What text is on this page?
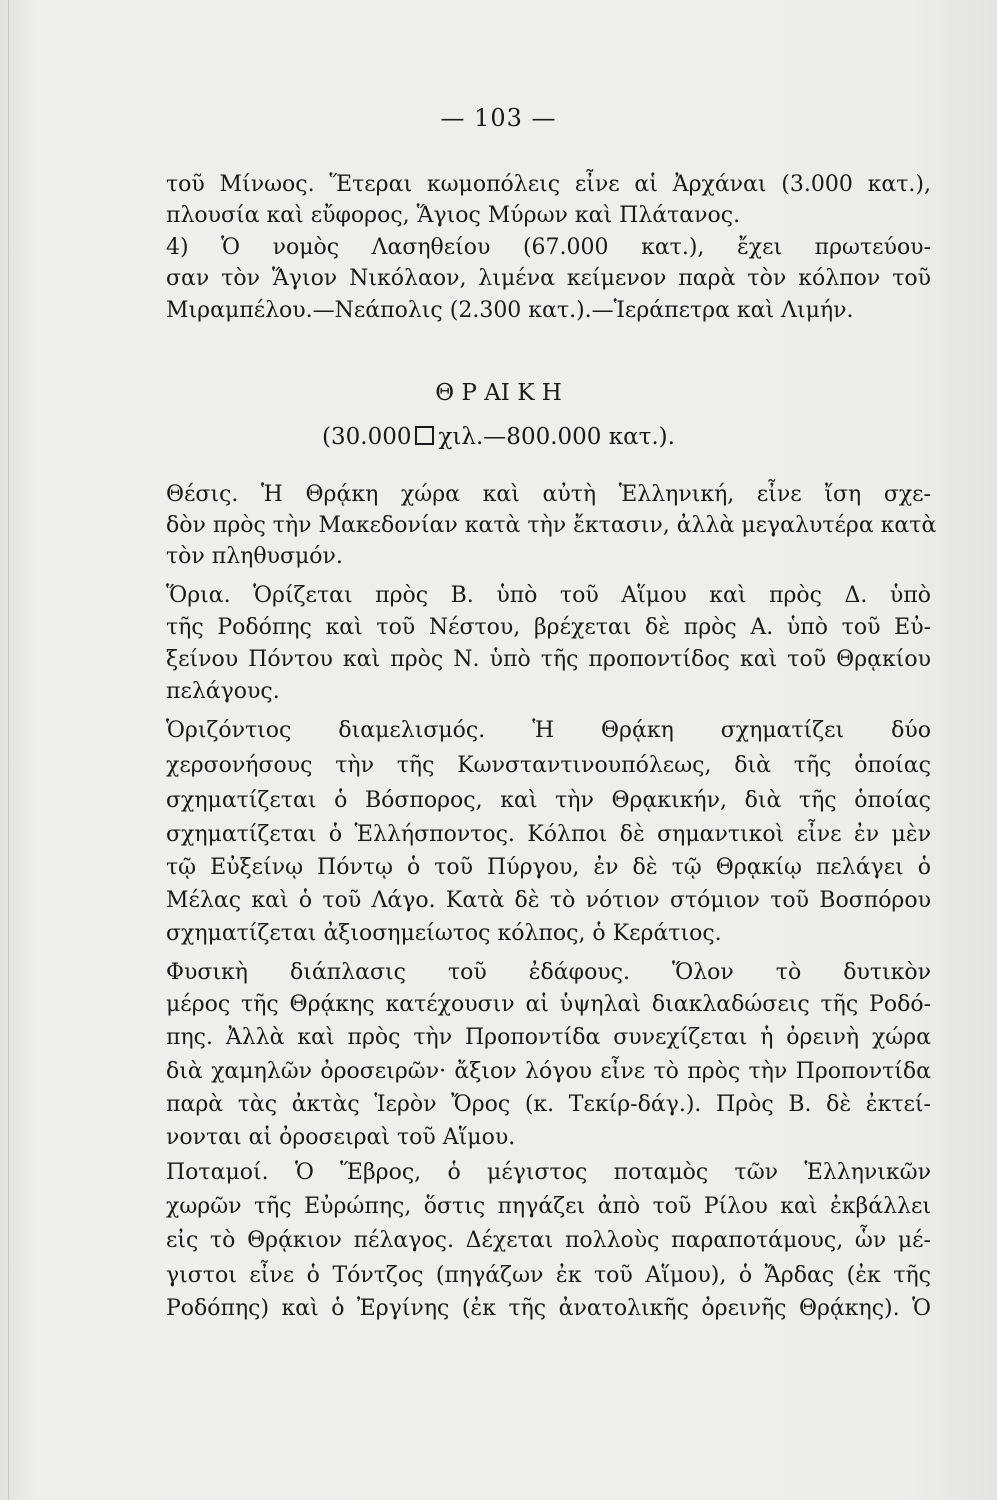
— 103 —
τοῦ Μίνωος. Ἕτεραι κωμοπόλεις εἶνε αἱ Ἀρχάναι (3.000 κατ.),
πλουσία καὶ εὔφορος, Ἅγιος Μύρων καὶ Πλάτανος.
4) Ὁ νομὸς Λασηθείου (67.000 κατ.), ἔχει πρωτεύου-
σαν τὸν Ἅγιον Νικόλαον, λιμένα κείμενον παρὰ τὸν κόλπον τοῦ
Μιραμπέλου.—Νεάπολις (2.300 κατ.).—Ἱεράπετρα καὶ Λιμήν.
Θ Ρ ΑΙ Κ Η
(30.000 χιλ.—800.000 κατ.).
Θέσις. Ἡ Θρᾴκη χώρα καὶ αὐτὴ Ἑλληνική, εἶνε ἴση σχε-
δὸν πρὸς τὴν Μακεδονίαν κατὰ τὴν ἔκτασιν, ἀλλὰ μεγαλυτέρα κατὰ
τὸν πληθυσμόν.
Ὅρια. Ὁρίζεται πρὸς Β. ὑπὸ τοῦ Αἵμου καὶ πρὸς Δ. ὑπὸ
τῆς Ροδόπης καὶ τοῦ Νέστου, βρέχεται δὲ πρὸς Α. ὑπὸ τοῦ Εὐ-
ξείνου Πόντου καὶ πρὸς Ν. ὑπὸ τῆς προποντίδος καὶ τοῦ Θρᾳκίου
πελάγους.
Ὁριζόντιος διαμελισμός. Ἡ Θρᾴκη σχηματίζει δύο
χερσονήσους τὴν τῆς Κωνσταντινουπόλεως, διὰ τῆς ὁποίας
σχηματίζεται ὁ Βόσπορος, καὶ τὴν Θρᾳκικήν, διὰ τῆς ὁποίας
σχηματίζεται ὁ Ἑλλήσποντος. Κόλποι δὲ σημαντικοὶ εἶνε ἐν μὲν
τῷ Εὐξείνῳ Πόντῳ ὁ τοῦ Πύργου, ἐν δὲ τῷ Θρᾳκίῳ πελάγει ὁ
Μέλας καὶ ὁ τοῦ Λάγο. Κατὰ δὲ τὸ νότιον στόμιον τοῦ Βοσπόρου
σχηματίζεται ἀξιοσημείωτος κόλπος, ὁ Κεράτιος.
Φυσικὴ διάπλασις τοῦ ἐδάφους. Ὅλον τὸ δυτικὸν
μέρος τῆς Θρᾴκης κατέχουσιν αἱ ὑψηλαὶ διακλαδώσεις τῆς Ροδό-
πης. Ἀλλὰ καὶ πρὸς τὴν Προποντίδα συνεχίζεται ἡ ὀρεινὴ χώρα
διὰ χαμηλῶν ὀροσειρῶν· ἄξιον λόγου εἶνε τὸ πρὸς τὴν Προποντίδα
παρὰ τὰς ἀκτὰς Ἱερὸν Ὄρος (κ. Τεκίρ-δάγ.). Πρὸς Β. δὲ ἐκτεί-
νονται αἱ ὀροσειραὶ τοῦ Αἵμου.
Ποταμοί. Ὁ Ἕβρος, ὁ μέγιστος ποταμὸς τῶν Ἑλληνικῶν
χωρῶν τῆς Εὐρώπης, ὅστις πηγάζει ἀπὸ τοῦ Ρίλου καὶ ἐκβάλλει
εἰς τὸ Θρᾴκιον πέλαγος. Δέχεται πολλοὺς παραποτάμους, ὧν μέ-
γιστοι εἶνε ὁ Τόντζος (πηγάζων ἐκ τοῦ Αἵμου), ὁ Ἄρδας (ἐκ τῆς
Ροδόπης) καὶ ὁ Ἐργίνης (ἐκ τῆς ἀνατολικῆς ὀρεινῆς Θρᾴκης). Ὁ
